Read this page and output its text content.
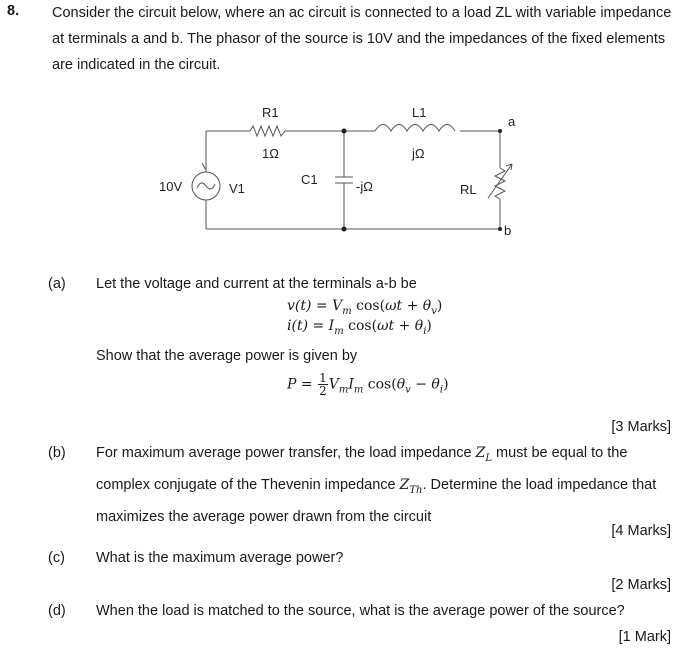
8. Consider the circuit below, where an ac circuit is connected to a load ZL with variable impedance at terminals a and b. The phasor of the source is 10V and the impedances of the fixed elements are indicated in the circuit.
R1
1Ω
L1
jΩ
C1	-jΩ
10V	V1	RL
a
b
(a) Let the voltage and current at the terminals a-b be
$v(t) = V_m$ $\cos(\omega t + \theta_v)$
$i(t) = I_m$ $\cos(\omega t + \theta_i)$
Show that the average power is given by
$P = \frac{1}{2} V_mI_m$ $\cos(\theta_v - \theta_i)$
[3 Marks]
(b) For maximum average power transfer, the load impedance $Z_L$ must be equal to the complex conjugate of the Thevenin impedance $Z_{Th}$. Determine the load impedance that maximizes the average power drawn from the circuit
[4 Marks]
(c) What is the maximum average power?
[2 Marks]
(d) When the load is matched to the source, what is the average power of the source?
[1 Mark]
